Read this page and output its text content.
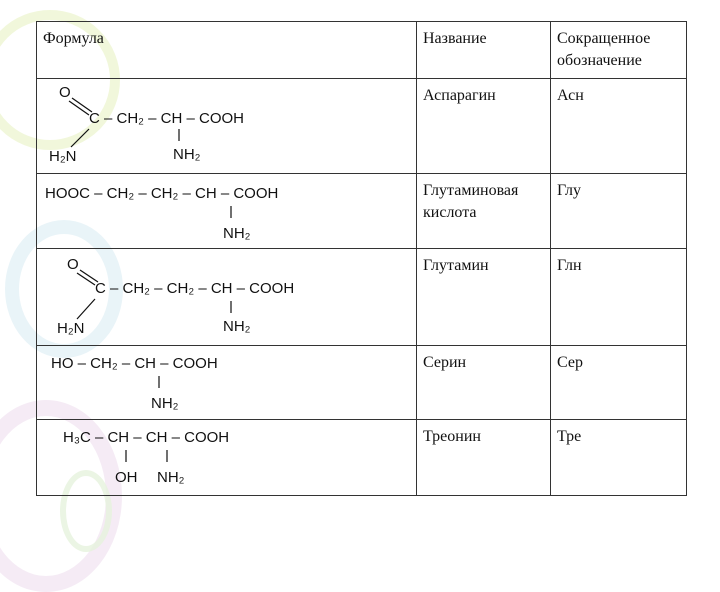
Формула	Название	Сокращенное обозначение

O
C – CH₂ – CH – COOH
H₂N NH₂	Аспарагин	Асн

HOOC – CH₂ – CH₂ – CH – COOH
NH₂	Глутаминовая кислота	Глу

O
C – CH₂ – CH₂ – CH – COOH
H₂N NH₂	Глутамин	Глн

HO – CH₂ – CH – COOH
NH₂	Серин	Сер

H₃C – CH – CH – COOH
OH NH₂	Треонин	Тре
